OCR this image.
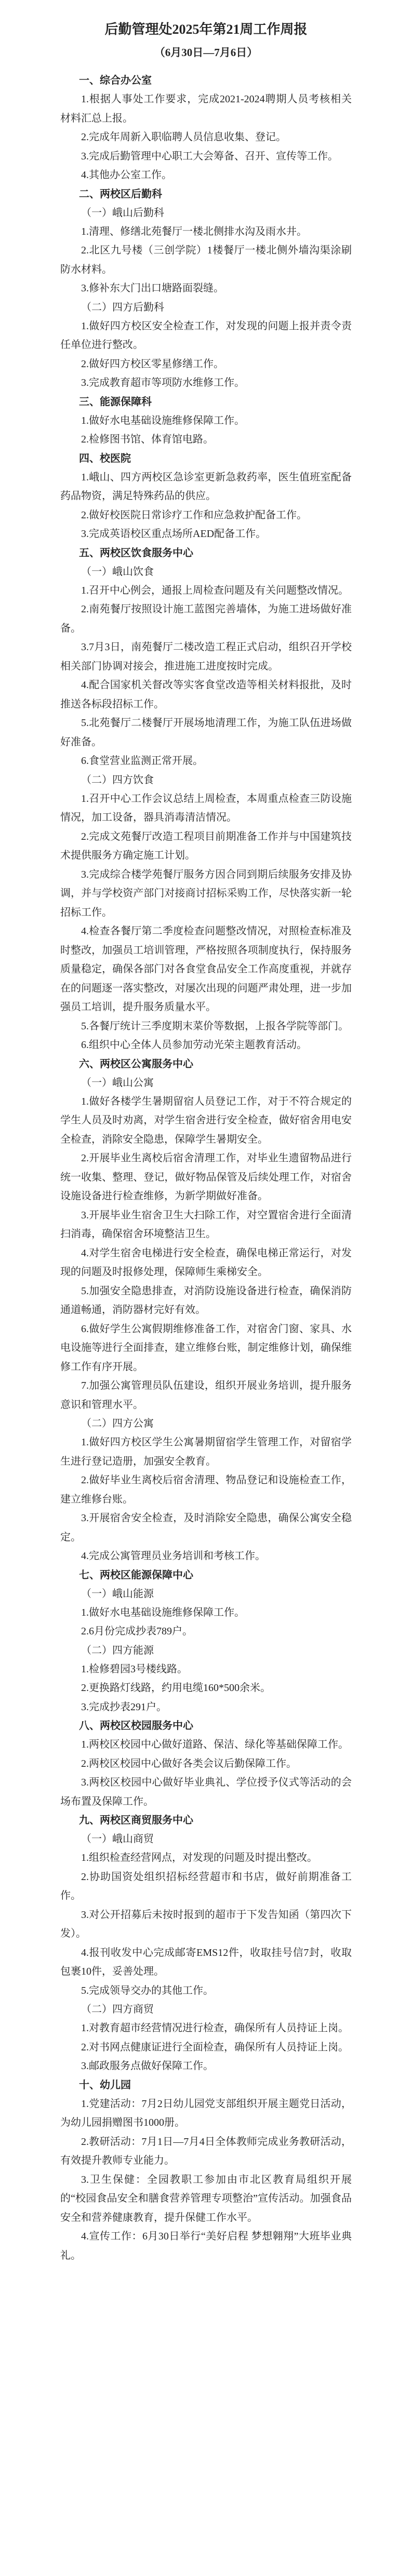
后勤管理处2025年第21周工作周报
（6月30日—7月6日）
一、综合办公室
1.根据人事处工作要求，完成2021-2024聘期人员考核相关材料汇总上报。
2.完成年周新入职临聘人员信息收集、登记。
3.完成后勤管理中心职工大会筹备、召开、宣传等工作。
4.其他办公室工作。
二、两校区后勤科
（一）峨山后勤科
1.清理、修缮北苑餐厅一楼北侧排水沟及雨水井。
2.北区九号楼（三创学院）1楼餐厅一楼北侧外墙沟渠涂刷防水材料。
3.修补东大门出口塘路面裂缝。
（二）四方后勤科
1.做好四方校区安全检查工作，对发现的问题上报并责令责任单位进行整改。
2.做好四方校区零星修缮工作。
3.完成教育超市等项防水维修工作。
三、能源保障科
1.做好水电基础设施维修保障工作。
2.检修图书馆、体育馆电路。
四、校医院
1.峨山、四方两校区急诊室更新急救药率，医生值班室配备药品物资，满足特殊药品的供应。
2.做好校医院日常诊疗工作和应急救护配备工作。
3.完成英语校区重点场所AED配备工作。
五、两校区饮食服务中心
（一）峨山饮食
1.召开中心例会，通报上周检查问题及有关问题整改情况。
2.南苑餐厅按照设计施工蓝图完善墙体，为施工进场做好准备。
3.7月3日，南苑餐厅二楼改造工程正式启动，组织召开学校相关部门协调对接会，推进施工进度按时完成。
4.配合国家机关督改等实客食堂改造等相关材料报批，及时推送各标段招标工作。
5.北苑餐厅二楼餐厅开展场地清理工作，为施工队伍进场做好准备。
6.食堂营业监测正常开展。
（二）四方饮食
1.召开中心工作会议总结上周检查，本周重点检查三防设施情况，加工设备，器具消毒清洁情况。
2.完成文苑餐厅改造工程项目前期准备工作并与中国建筑技术提供服务方确定施工计划。
3.完成综合楼学苑餐厅服务方因合同到期后续服务安排及协调，并与学校资产部门对接商讨招标采购工作，尽快落实新一轮招标工作。
4.检查各餐厅第二季度检查问题整改情况，对照检查标准及时整改，加强员工培训管理，严格按照各项制度执行，保持服务质量稳定，确保各部门对各食堂食品安全工作高度重视，并就存在的问题逐一落实整改，对屡次出现的问题严肃处理，进一步加强员工培训，提升服务质量水平。
5.各餐厅统计三季度期末菜价等数据，上报各学院等部门。
6.组织中心全体人员参加劳动光荣主题教育活动。
六、两校区公寓服务中心
（一）峨山公寓
1.做好各楼学生暑期留宿人员登记工作，对于不符合规定的学生人员及时劝离，对学生宿舍进行安全检查，做好宿舍用电安全检查，消除安全隐患，保障学生暑期安全。
2.开展毕业生离校后宿舍清理工作，对毕业生遗留物品进行统一收集、整理、登记，做好物品保管及后续处理工作，对宿舍设施设备进行检查维修，为新学期做好准备。
3.开展毕业生宿舍卫生大扫除工作，对空置宿舍进行全面清扫消毒，确保宿舍环境整洁卫生。
4.对学生宿舍电梯进行安全检查，确保电梯正常运行，对发现的问题及时报修处理，保障师生乘梯安全。
5.加强安全隐患排查，对消防设施设备进行检查，确保消防通道畅通，消防器材完好有效。
6.做好学生公寓假期维修准备工作，对宿舍门窗、家具、水电设施等进行全面排查，建立维修台账，制定维修计划，确保维修工作有序开展。
7.加强公寓管理员队伍建设，组织开展业务培训，提升服务意识和管理水平。
（二）四方公寓
1.做好四方校区学生公寓暑期留宿学生管理工作，对留宿学生进行登记造册，加强安全教育。
2.做好毕业生离校后宿舍清理、物品登记和设施检查工作，建立维修台账。
3.开展宿舍安全检查，及时消除安全隐患，确保公寓安全稳定。
4.完成公寓管理员业务培训和考核工作。
七、两校区能源保障中心
（一）峨山能源
1.做好水电基础设施维修保障工作。
2.6月份完成抄表789户。
（二）四方能源
1.检修碧园3号楼线路。
2.更换路灯线路，约用电缆160*500余米。
3.完成抄表291户。
八、两校区校园服务中心
1.两校区校园中心做好道路、保洁、绿化等基础保障工作。
2.两校区校园中心做好各类会议后勤保障工作。
3.两校区校园中心做好毕业典礼、学位授予仪式等活动的会场布置及保障工作。
九、两校区商贸服务中心
（一）峨山商贸
1.组织检查经营网点，对发现的问题及时提出整改。
2.协助国资处组织招标经营超市和书店，做好前期准备工作。
3.对公开招募后未按时报到的超市于下发告知函（第四次下发）。
4.报刊收发中心完成邮寄EMS12件，收取挂号信7封，收取包裹10件，妥善处理。
5.完成领导交办的其他工作。
（二）四方商贸
1.对教育超市经营情况进行检查，确保所有人员持证上岗。
2.对书网点健康证进行全面检查，确保所有人员持证上岗。
3.邮政服务点做好保障工作。
十、幼儿园
1.党建活动：7月2日幼儿园党支部组织开展主题党日活动，为幼儿园捐赠图书1000册。
2.教研活动：7月1日—7月4日全体教师完成业务教研活动，有效提升教师专业能力。
3.卫生保健：全园教职工参加由市北区教育局组织开展的“校园食品安全和膳食营养管理专项整治”宣传活动。加强食品安全和营养健康教育，提升保健工作水平。
4.宣传工作：6月30日举行“美好启程 梦想翱翔”大班毕业典礼。
